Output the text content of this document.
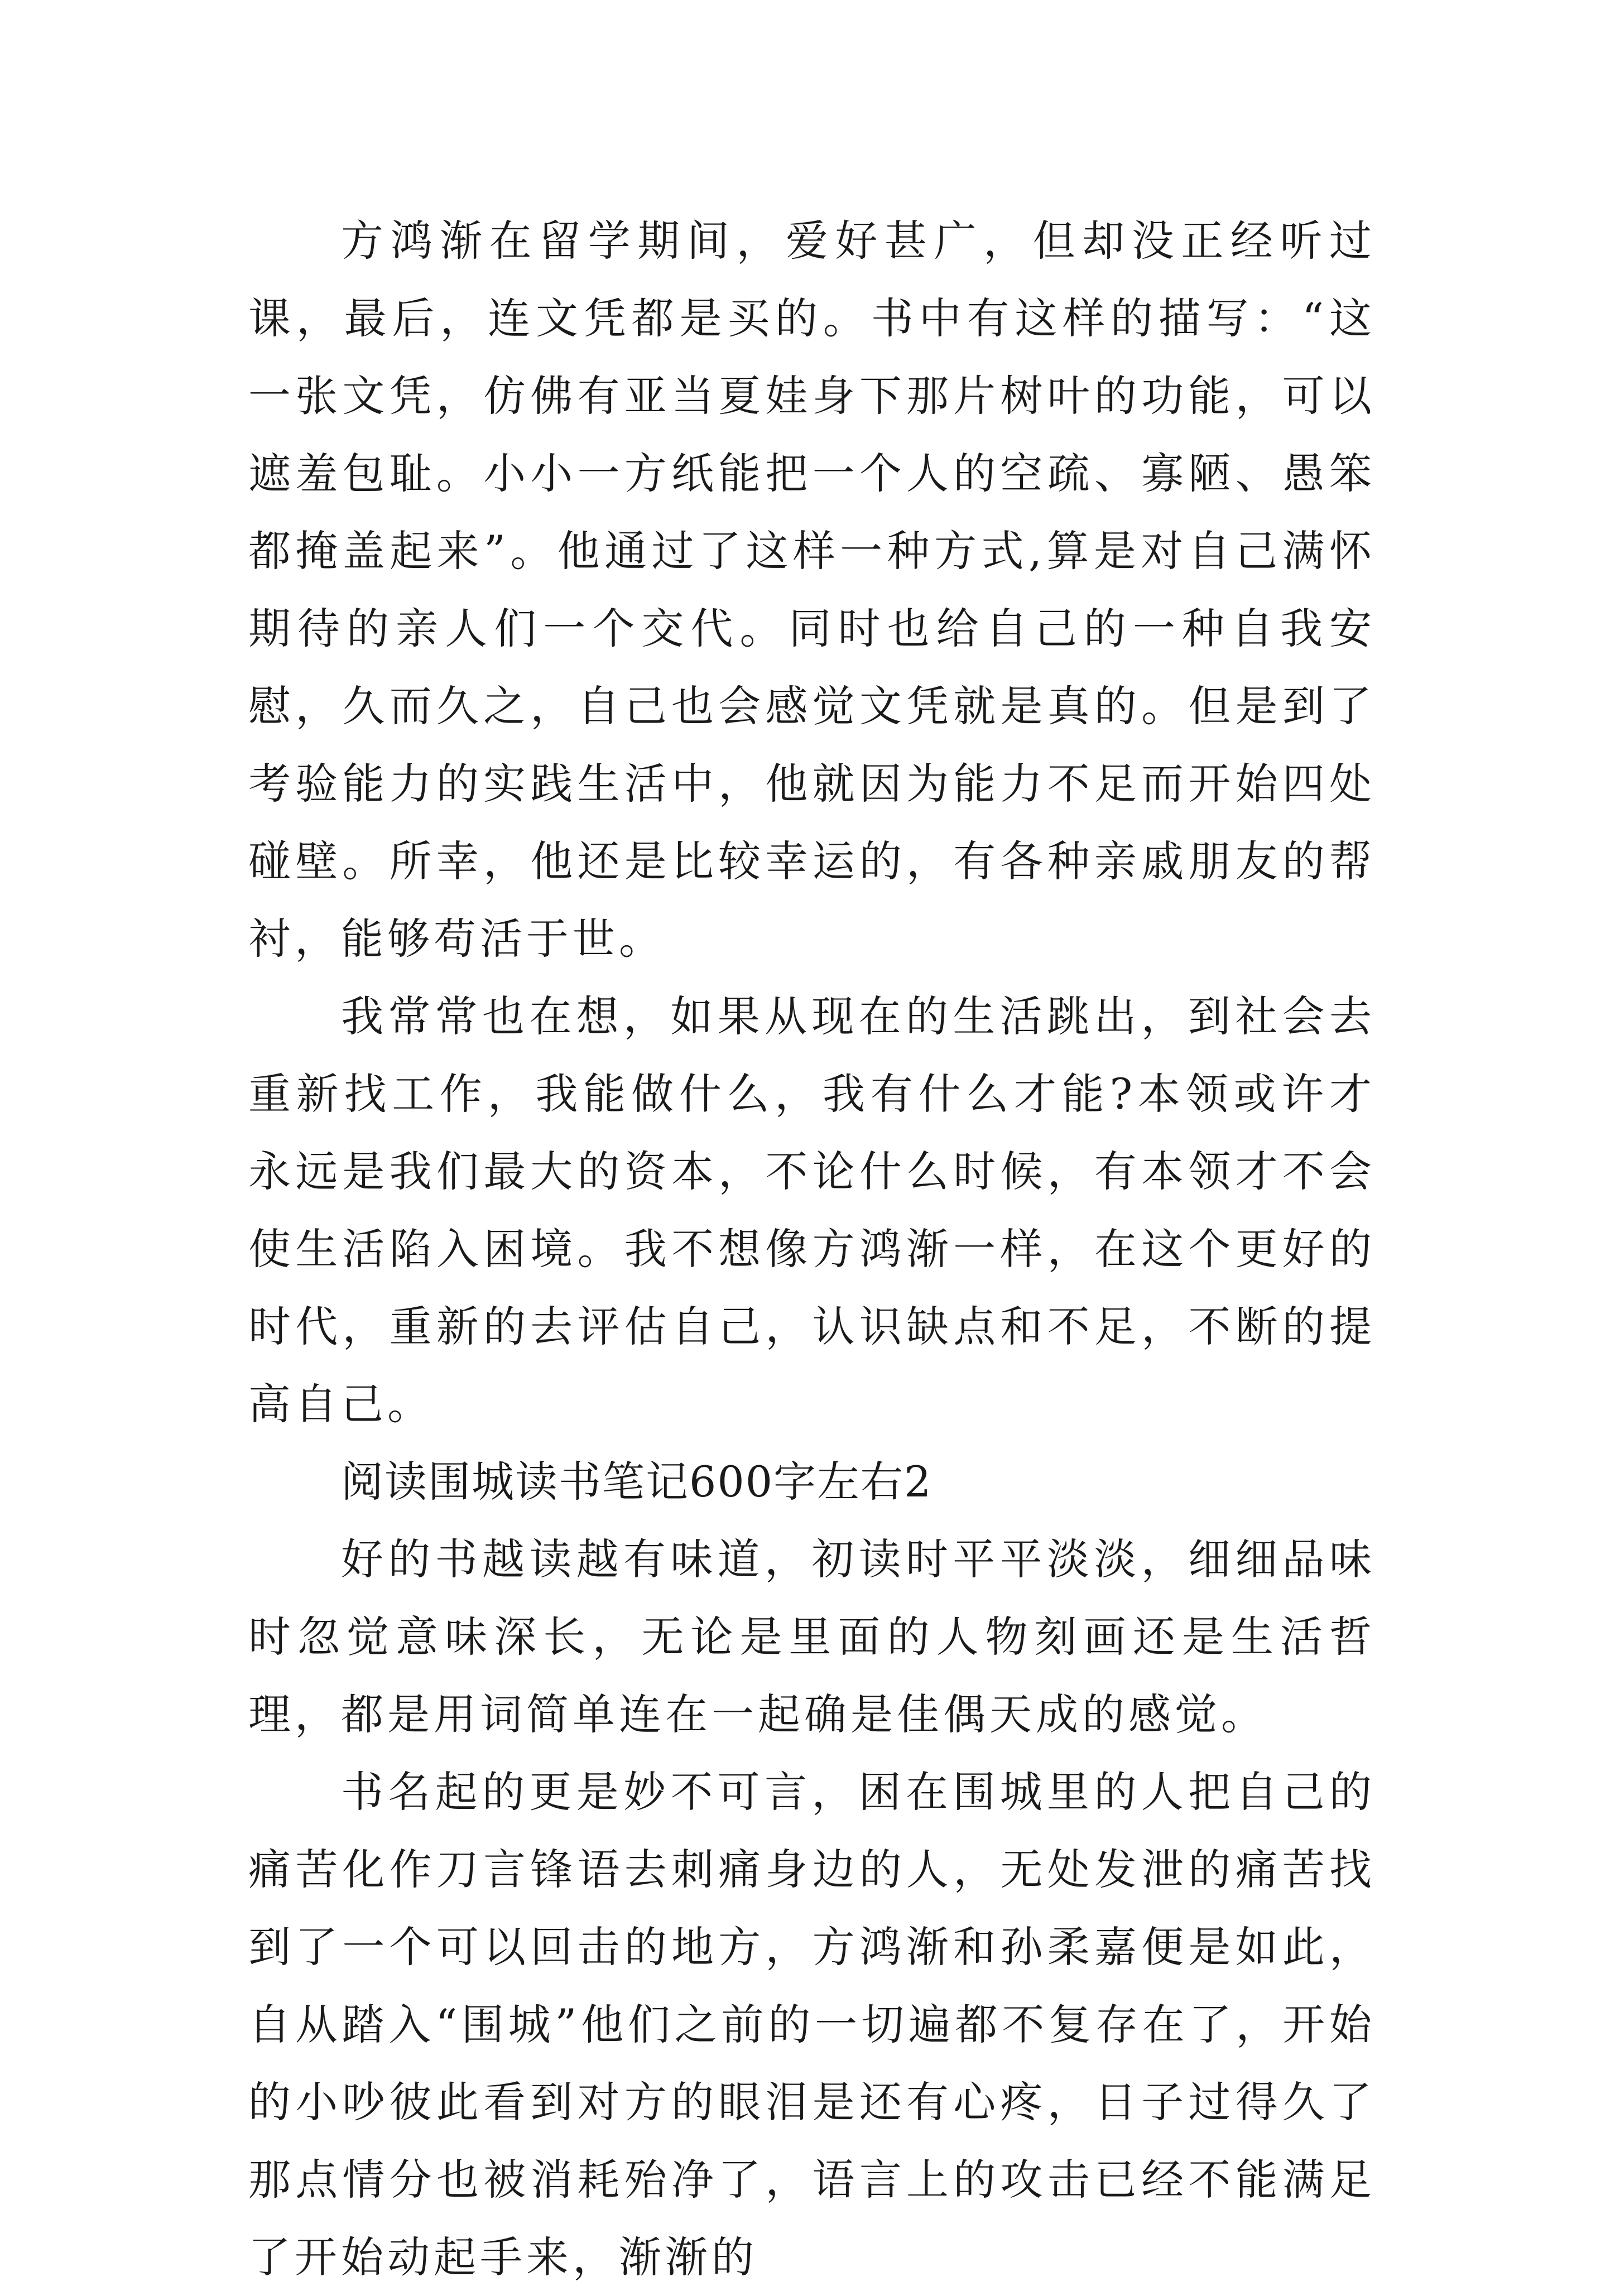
方鸿渐在留学期间，爱好甚广，但却没正经听过课，最后，连文凭都是买的。书中有这样的描写：“这一张文凭，仿佛有亚当夏娃身下那片树叶的功能，可以遮羞包耻。小小一方纸能把一个人的空疏、寡陋、愚笨都掩盖起来”。他通过了这样一种方式,算是对自己满怀期待的亲人们一个交代。同时也给自己的一种自我安慰，久而久之，自己也会感觉文凭就是真的。但是到了考验能力的实践生活中，他就因为能力不足而开始四处碰壁。所幸，他还是比较幸运的，有各种亲戚朋友的帮衬，能够苟活于世。

我常常也在想，如果从现在的生活跳出，到社会去重新找工作，我能做什么，我有什么才能?本领或许才永远是我们最大的资本，不论什么时候，有本领才不会使生活陷入困境。我不想像方鸿渐一样，在这个更好的时代，重新的去评估自己，认识缺点和不足，不断的提高自己。

阅读围城读书笔记600字左右2

好的书越读越有味道，初读时平平淡淡，细细品味时忽觉意味深长，无论是里面的人物刻画还是生活哲理，都是用词简单连在一起确是佳偶天成的感觉。

书名起的更是妙不可言，困在围城里的人把自己的痛苦化作刀言锋语去刺痛身边的人，无处发泄的痛苦找到了一个可以回击的地方，方鸿渐和孙柔嘉便是如此，自从踏入“围城”他们之前的一切遍都不复存在了，开始的小吵彼此看到对方的眼泪是还有心疼，日子过得久了那点情分也被消耗殆净了，语言上的攻击已经不能满足了开始动起手来，渐渐的
